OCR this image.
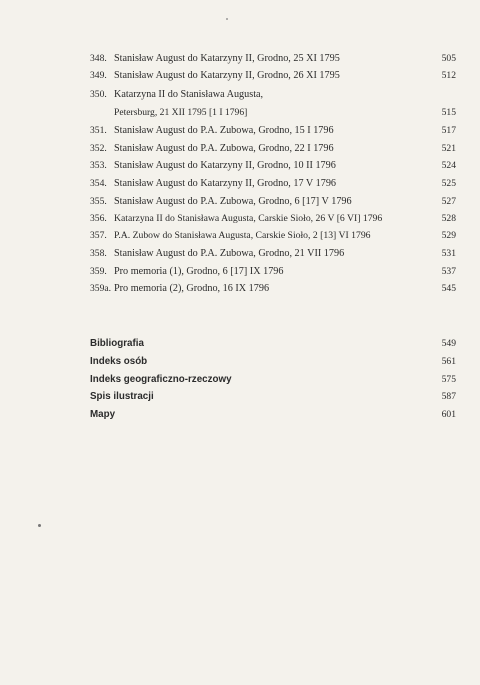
348. Stanisław August do Katarzyny II, Grodno, 25 XI 1795	505
349. Stanisław August do Katarzyny II, Grodno, 26 XI 1795	512
350. Katarzyna II do Stanisława Augusta,
Petersburg, 21 XII 1795 [1 I 1796]	515
351. Stanisław August do P.A. Zubowa, Grodno, 15 I 1796	517
352. Stanisław August do P.A. Zubowa, Grodno, 22 I 1796	521
353. Stanisław August do Katarzyny II, Grodno, 10 II 1796	524
354. Stanisław August do Katarzyny II, Grodno, 17 V 1796	525
355. Stanisław August do P.A. Zubowa, Grodno, 6 [17] V 1796	527
356. Katarzyna II do Stanisława Augusta, Carskie Sioło, 26 V [6 VI] 1796	528
357. P.A. Zubow do Stanisława Augusta, Carskie Sioło, 2 [13] VI 1796	529
358. Stanisław August do P.A. Zubowa, Grodno, 21 VII 1796	531
359. Pro memoria (1), Grodno, 6 [17] IX 1796	537
359a. Pro memoria (2), Grodno, 16 IX 1796	545
Bibliografia	549
Indeks osób	561
Indeks geograficzno-rzeczowy	575
Spis ilustracji	587
Mapy	601
